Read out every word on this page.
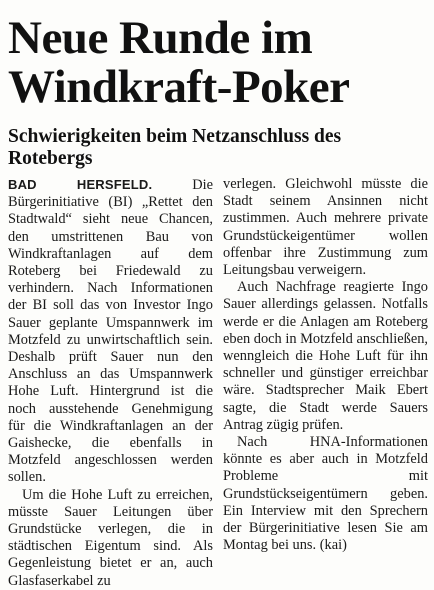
Neue Runde im
Windkraft-Poker
Schwierigkeiten beim Netzanschluss des Rotebergs

BAD HERSFELD.	Die Bürgerinitiative (BI) „Rettet den Stadtwald“ sieht neue Chancen, den umstrittenen Bau von Windkraftanlagen auf dem Roteberg bei Friedewald zu verhindern. Nach Informationen der BI soll das von Investor Ingo Sauer geplante Umspannwerk im Motzfeld zu unwirtschaftlich sein. Deshalb prüft Sauer nun den Anschluss an das Umspannwerk Hohe Luft. Hintergrund ist die noch ausstehende Genehmigung für die Windkraftanlagen an der Gaishecke, die ebenfalls in Motzfeld angeschlossen werden sollen.

Um die Hohe Luft zu erreichen, müsste Sauer Leitungen über Grundstücke verlegen, die in städtischen Eigentum sind. Als Gegenleistung bietet er an, auch Glasfaserkabel zu

verlegen. Gleichwohl müsste die Stadt seinem Ansinnen nicht zustimmen. Auch mehrere private Grundstückeigentümer wollen offenbar ihre Zustimmung zum Leitungsbau verweigern.

Auch Nachfrage reagierte Ingo Sauer allerdings gelassen. Notfalls werde er die Anlagen am Roteberg eben doch in Motzfeld anschließen, wenngleich die Hohe Luft für ihn schneller und günstiger erreichbar wäre. Stadtsprecher Maik Ebert sagte, die Stadt werde Sauers Antrag zügig prüfen.

Nach HNA-Informationen könnte es aber auch in Motzfeld Probleme mit Grundstückseigentümern geben. Ein Interview mit den Sprechern der Bürgerinitiative lesen Sie am Montag bei uns. (kai)
